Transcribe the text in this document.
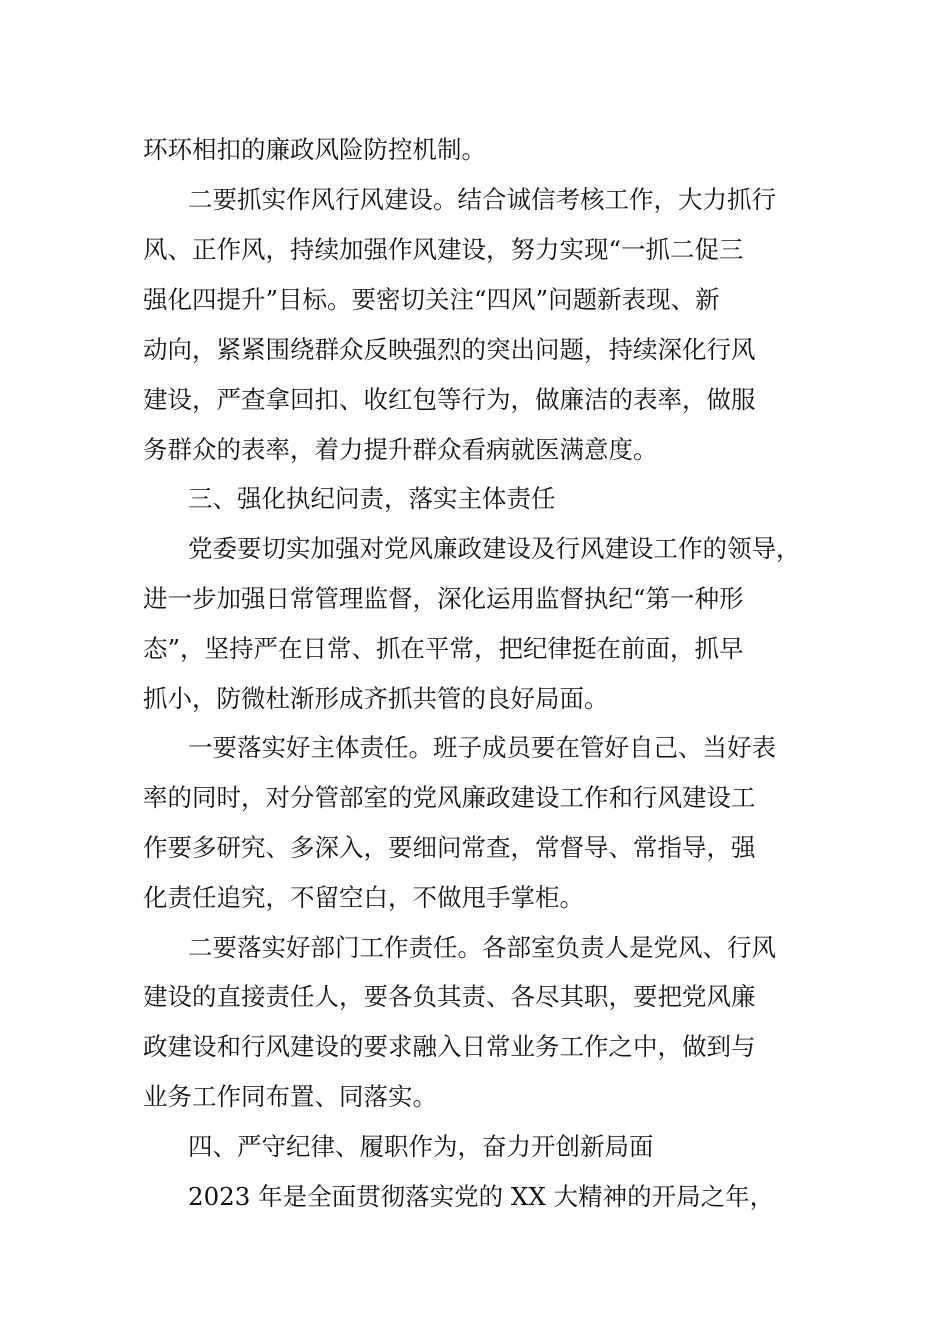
环环相扣的廉政风险防控机制。
二要抓实作风行风建设。结合诚信考核工作，大力抓行
风、正作风，持续加强作风建设，努力实现“一抓二促三
强化四提升”目标。要密切关注“四风”问题新表现、新
动向，紧紧围绕群众反映强烈的突出问题，持续深化行风
建设，严查拿回扣、收红包等行为，做廉洁的表率，做服
务群众的表率，着力提升群众看病就医满意度。
三、强化执纪问责，落实主体责任
党委要切实加强对党风廉政建设及行风建设工作的领导，
进一步加强日常管理监督，深化运用监督执纪“第一种形
态”，坚持严在日常、抓在平常，把纪律挺在前面，抓早
抓小，防微杜渐形成齐抓共管的良好局面。
一要落实好主体责任。班子成员要在管好自己、当好表
率的同时，对分管部室的党风廉政建设工作和行风建设工
作要多研究、多深入，要细问常查，常督导、常指导，强
化责任追究，不留空白，不做甩手掌柜。
二要落实好部门工作责任。各部室负责人是党风、行风
建设的直接责任人，要各负其责、各尽其职，要把党风廉
政建设和行风建设的要求融入日常业务工作之中，做到与
业务工作同布置、同落实。
四、严守纪律、履职作为，奋力开创新局面
2023 年是全面贯彻落实党的 XX 大精神的开局之年，
